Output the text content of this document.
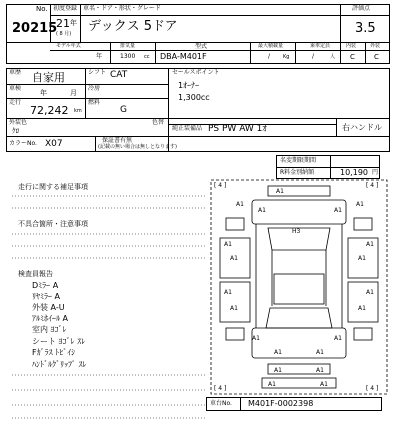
No.
20215
初度登録
21 年
( 8 月)
車名・ドア・形状・グレード
デックス 5ドア
評価点
3.5
モデル年式
年
排気量
1300 cc
型式
DBA-M401F
最大積載量
/	Kg
乗車定員
/	人
内装	外装
C	C
車歴 自家用	シフト CAT
車検
年	月
冷房
走行
72,242 km
燃料
G
外装色
ｸﾛ
色替
カラーNo. X07	保証書有無
(記載の無い場合は無しとなります)
セールスポイント
1ｵｰﾅｰ
1,300cc
純正装備品 PS PW AW 1ｵ	右ハンドル
名変期限期間
R料金別納額	10,190 円
走行に関する補足事項
不具合箇所・注意事項
検査員報告
Dﾐﾗｰ A
ﾘﾔﾐﾗｰ A
外装 A-U
ｱﾙﾐﾎｲｰﾙ A
室内 ﾖｺﾞﾚ
シート ﾖｺﾞﾚ ｽﾚ
Fｶﾞﾗｽ ﾄﾋﾞｲｼ
ﾊﾝﾄﾞﾙｸﾞﾘｯﾌﾟ ｽﾚ
[ 4 ]	[ 4 ]
[ 4 ]	[ 4 ]
A1
A1	A1
A1	A1
H3
A1	A1
A1	A1
A1	A1
A1	A1
A1	A1
A1	A1
A1	A1
A1	A1
車台No. M401F-0002398
